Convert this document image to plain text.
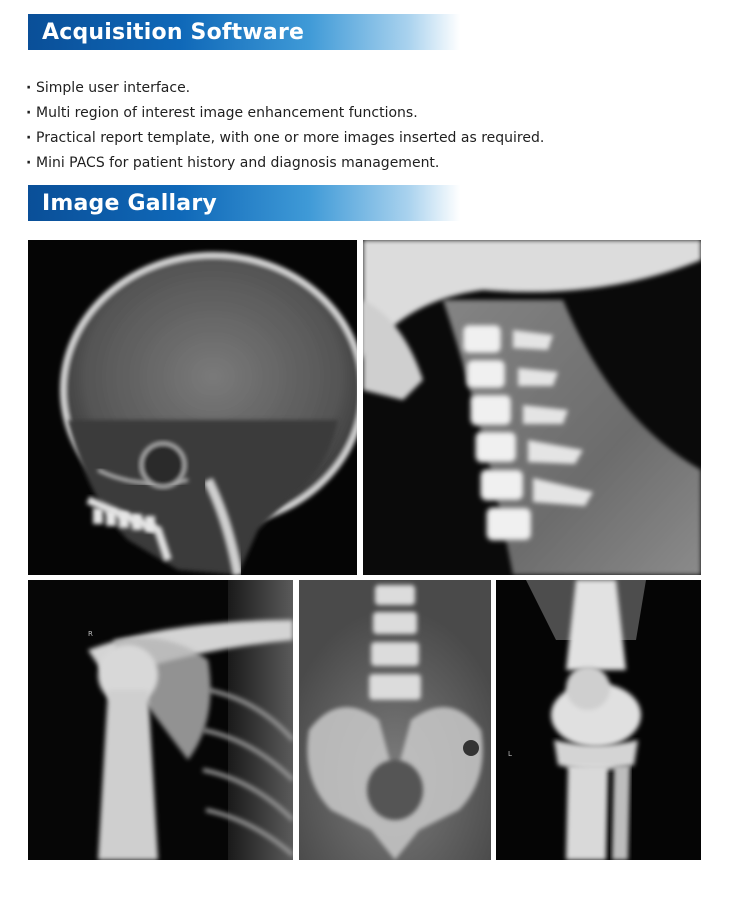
Acquisition Software
· Simple user interface.
· Multi region of interest image enhancement functions.
· Practical report template, with one or more images inserted as required.
· Mini PACS for patient history and diagnosis management.
Image Gallary
R
L
